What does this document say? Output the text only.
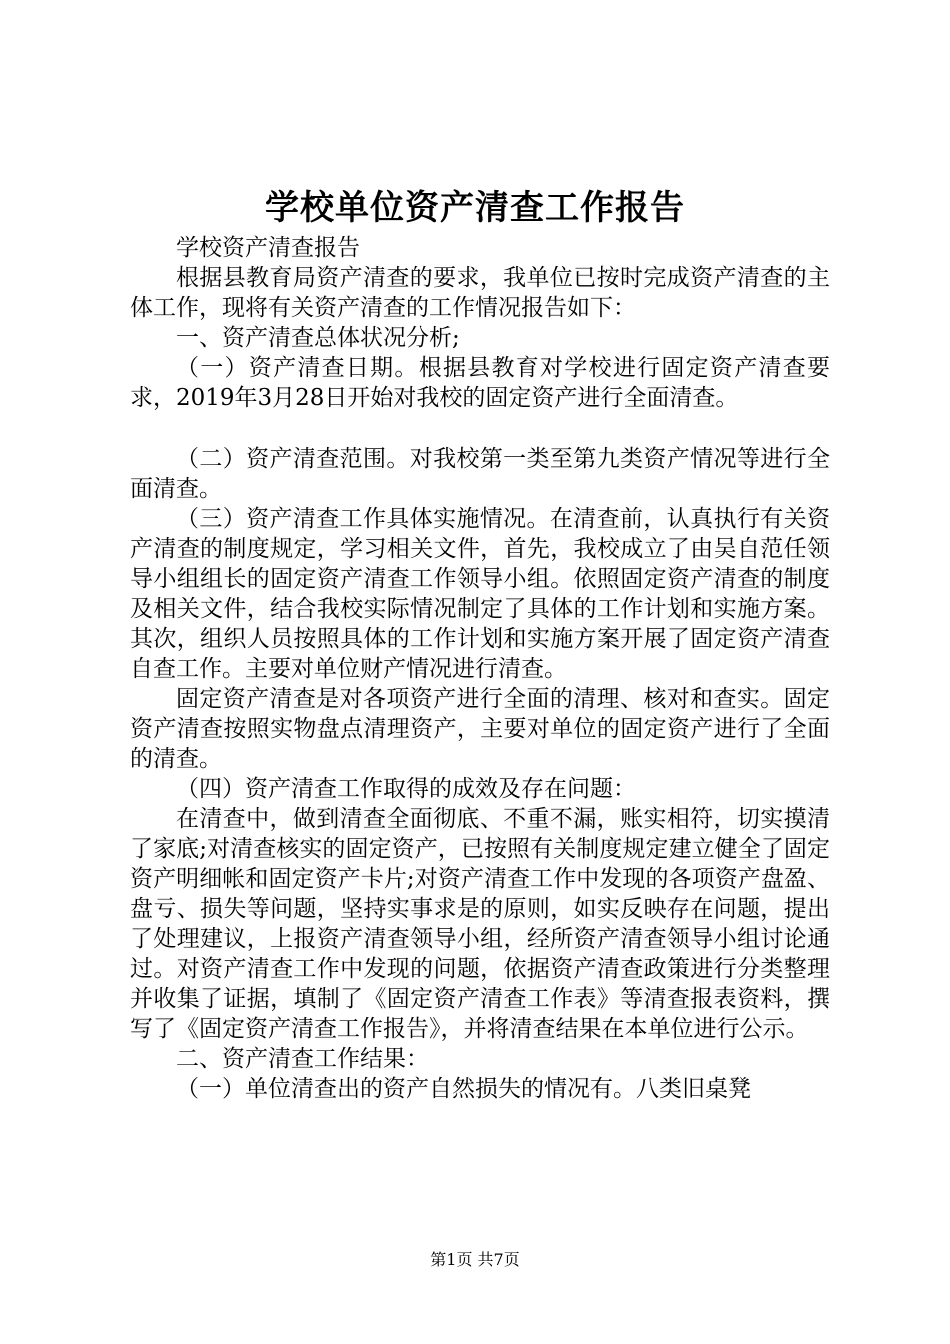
学校单位资产清查工作报告

学校资产清查报告

根据县教育局资产清查的要求，我单位已按时完成资产清查的主体工作，现将有关资产清查的工作情况报告如下：

一、资产清查总体状况分析;

（一）资产清查日期。根据县教育对学校进行固定资产清查要求，2019年3月28日开始对我校的固定资产进行全面清查。

（二）资产清查范围。对我校第一类至第九类资产情况等进行全面清查。

（三）资产清查工作具体实施情况。在清查前，认真执行有关资产清查的制度规定，学习相关文件，首先，我校成立了由吴自范任领导小组组长的固定资产清查工作领导小组。依照固定资产清查的制度及相关文件，结合我校实际情况制定了具体的工作计划和实施方案。其次，组织人员按照具体的工作计划和实施方案开展了固定资产清查自查工作。主要对单位财产情况进行清查。

固定资产清查是对各项资产进行全面的清理、核对和查实。固定资产清查按照实物盘点清理资产，主要对单位的固定资产进行了全面的清查。

（四）资产清查工作取得的成效及存在问题：

在清查中，做到清查全面彻底、不重不漏，账实相符，切实摸清了家底;对清查核实的固定资产，已按照有关制度规定建立健全了固定资产明细帐和固定资产卡片;对资产清查工作中发现的各项资产盘盈、盘亏、损失等问题，坚持实事求是的原则，如实反映存在问题，提出了处理建议，上报资产清查领导小组，经所资产清查领导小组讨论通过。对资产清查工作中发现的问题，依据资产清查政策进行分类整理并收集了证据，填制了《固定资产清查工作表》等清查报表资料，撰写了《固定资产清查工作报告》，并将清查结果在本单位进行公示。

二、资产清查工作结果：

（一）单位清查出的资产自然损失的情况有。八类旧桌凳

第1页 共7页
